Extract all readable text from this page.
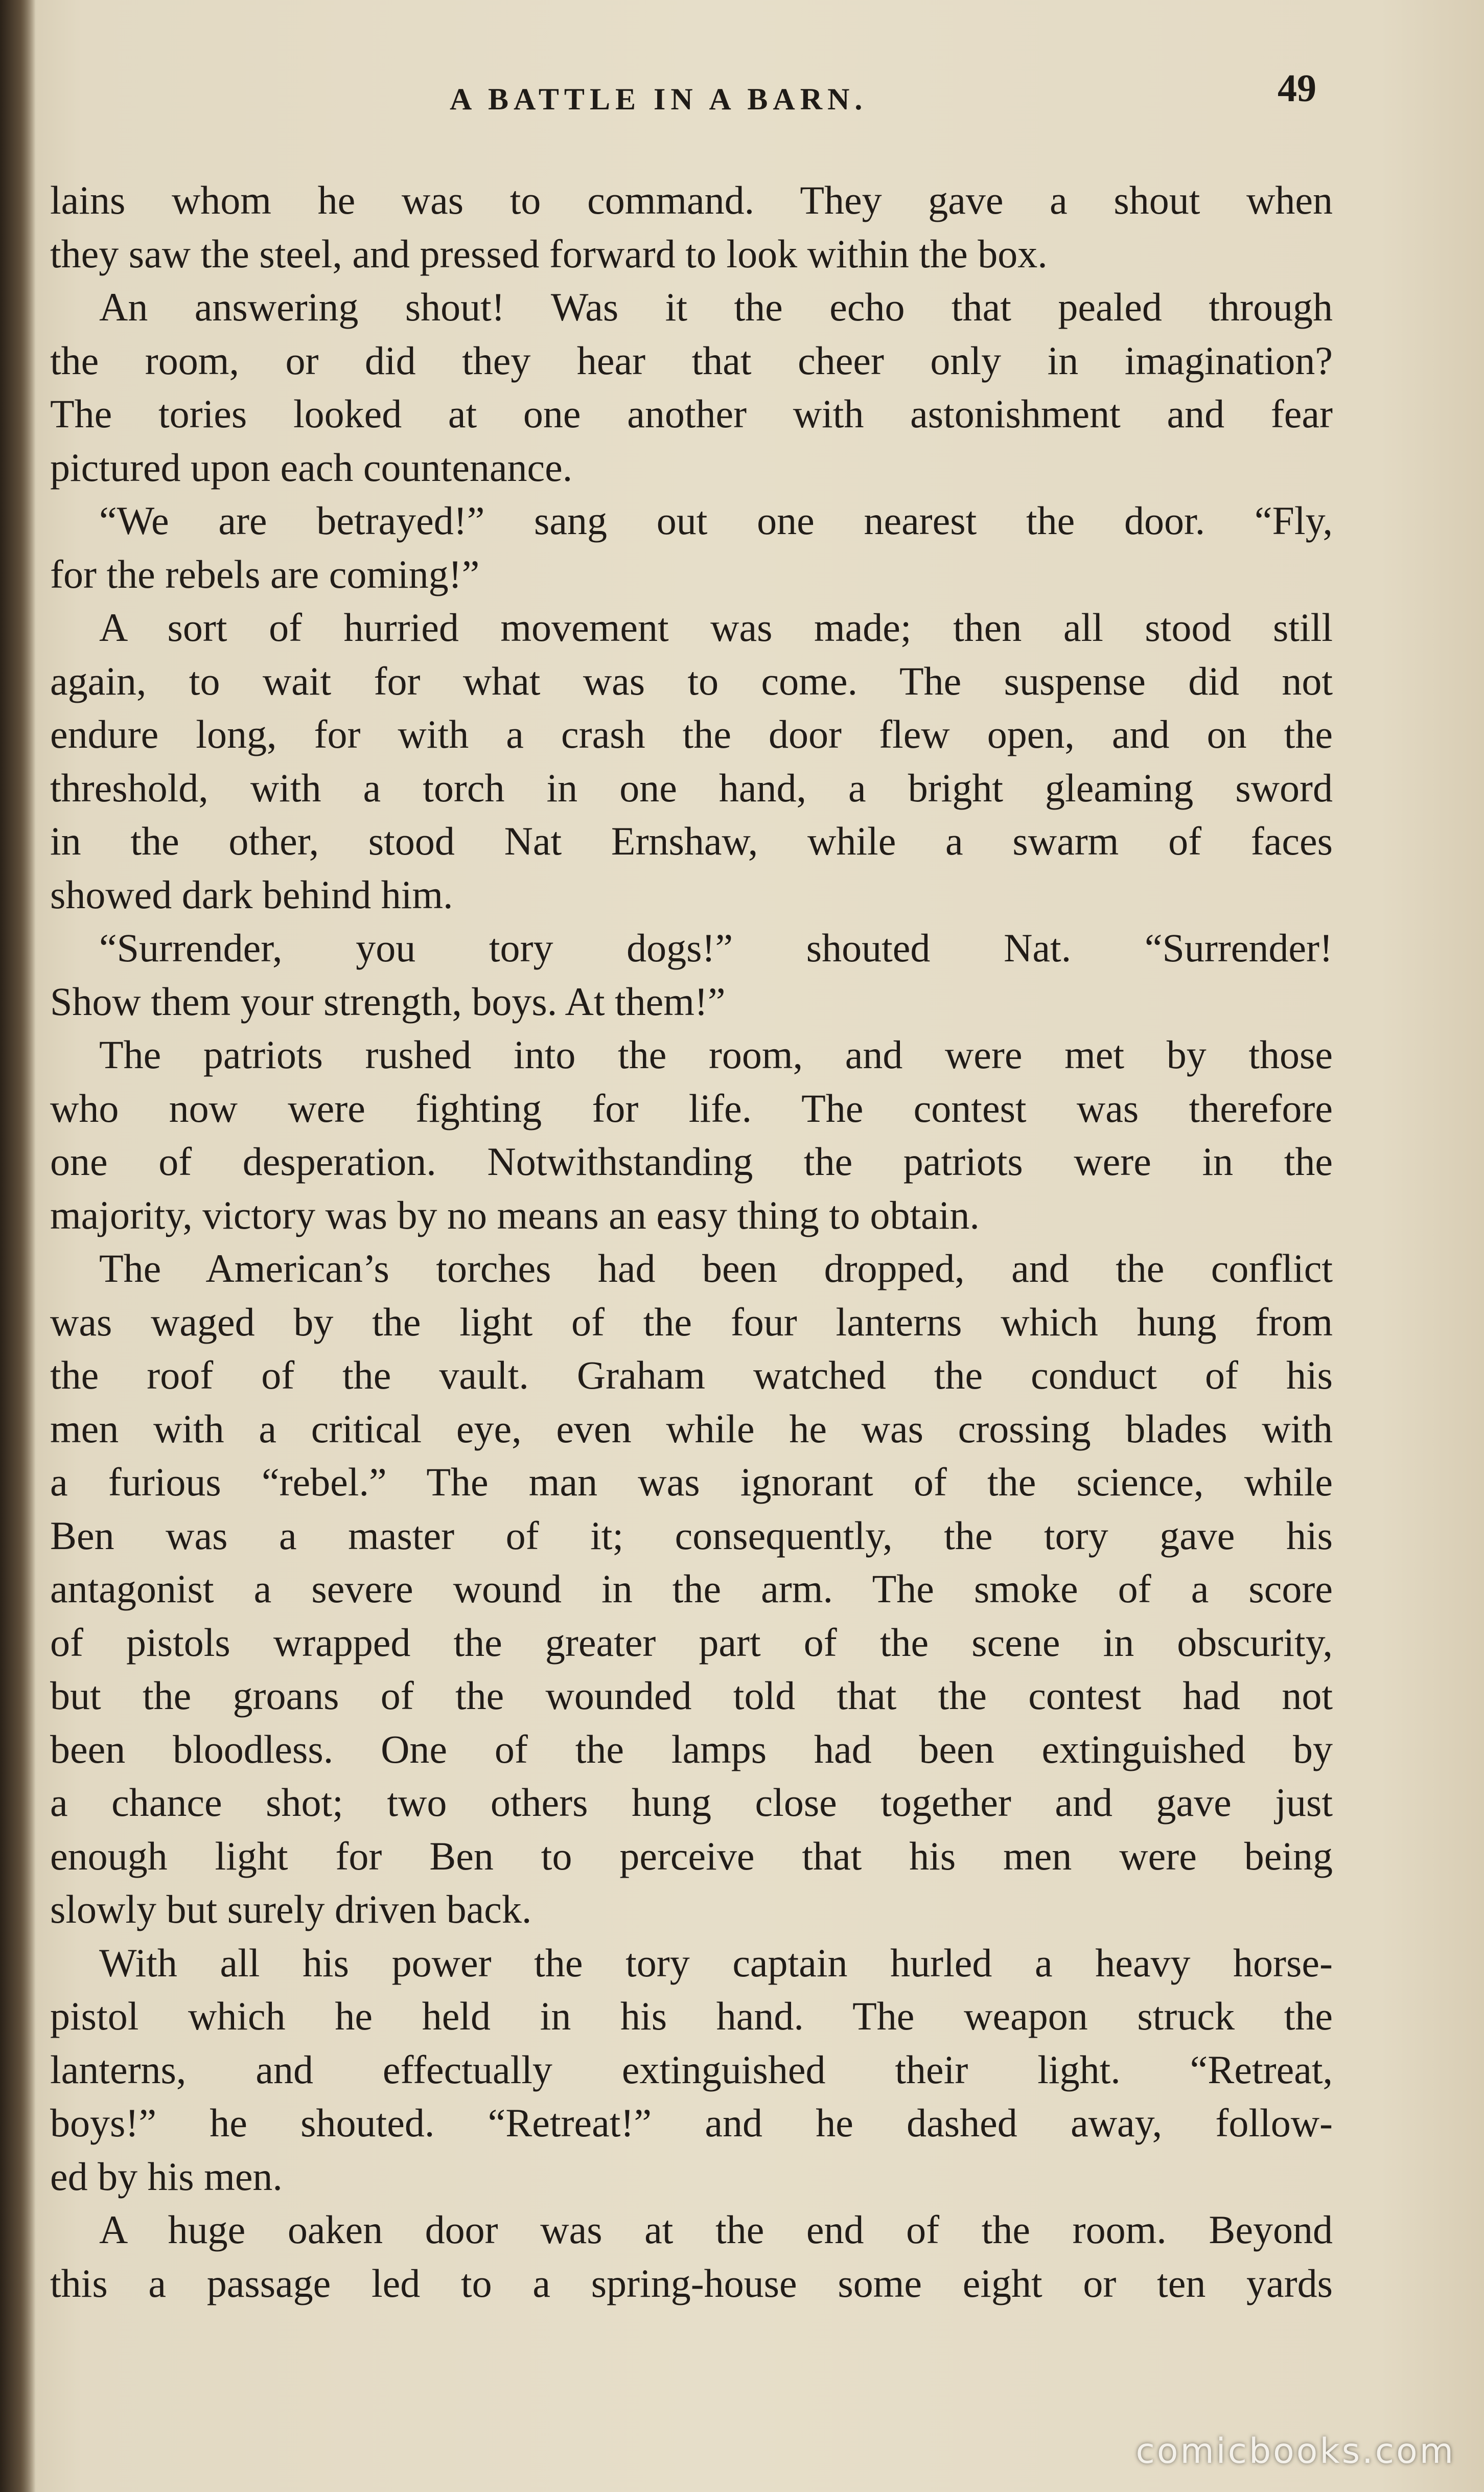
A BATTLE IN A BARN.	49
lains whom he was to command. They gave a shout when
they saw the steel, and pressed forward to look within the box.
An answering shout! Was it the echo that pealed through
the room, or did they hear that cheer only in imagination?
The tories looked at one another with astonishment and fear
pictured upon each countenance.
“We are betrayed!” sang out one nearest the door. “Fly,
for the rebels are coming!”
A sort of hurried movement was made; then all stood still
again, to wait for what was to come. The suspense did not
endure long, for with a crash the door flew open, and on the
threshold, with a torch in one hand, a bright gleaming sword
in the other, stood Nat Ernshaw, while a swarm of faces
showed dark behind him.
“Surrender, you tory dogs!” shouted Nat. “Surrender!
Show them your strength, boys. At them!”
The patriots rushed into the room, and were met by those
who now were fighting for life. The contest was therefore
one of desperation. Notwithstanding the patriots were in the
majority, victory was by no means an easy thing to obtain.
The American’s torches had been dropped, and the conflict
was waged by the light of the four lanterns which hung from
the roof of the vault. Graham watched the conduct of his
men with a critical eye, even while he was crossing blades with
a furious “rebel.” The man was ignorant of the science, while
Ben was a master of it; consequently, the tory gave his
antagonist a severe wound in the arm. The smoke of a score
of pistols wrapped the greater part of the scene in obscurity,
but the groans of the wounded told that the contest had not
been bloodless. One of the lamps had been extinguished by
a chance shot; two others hung close together and gave just
enough light for Ben to perceive that his men were being
slowly but surely driven back.
With all his power the tory captain hurled a heavy horse-
pistol which he held in his hand. The weapon struck the
lanterns, and effectually extinguished their light. “Retreat,
boys!” he shouted. “Retreat!” and he dashed away, follow-
ed by his men.
A huge oaken door was at the end of the room. Beyond
this a passage led to a spring-house some eight or ten yards
comicbooks.com
